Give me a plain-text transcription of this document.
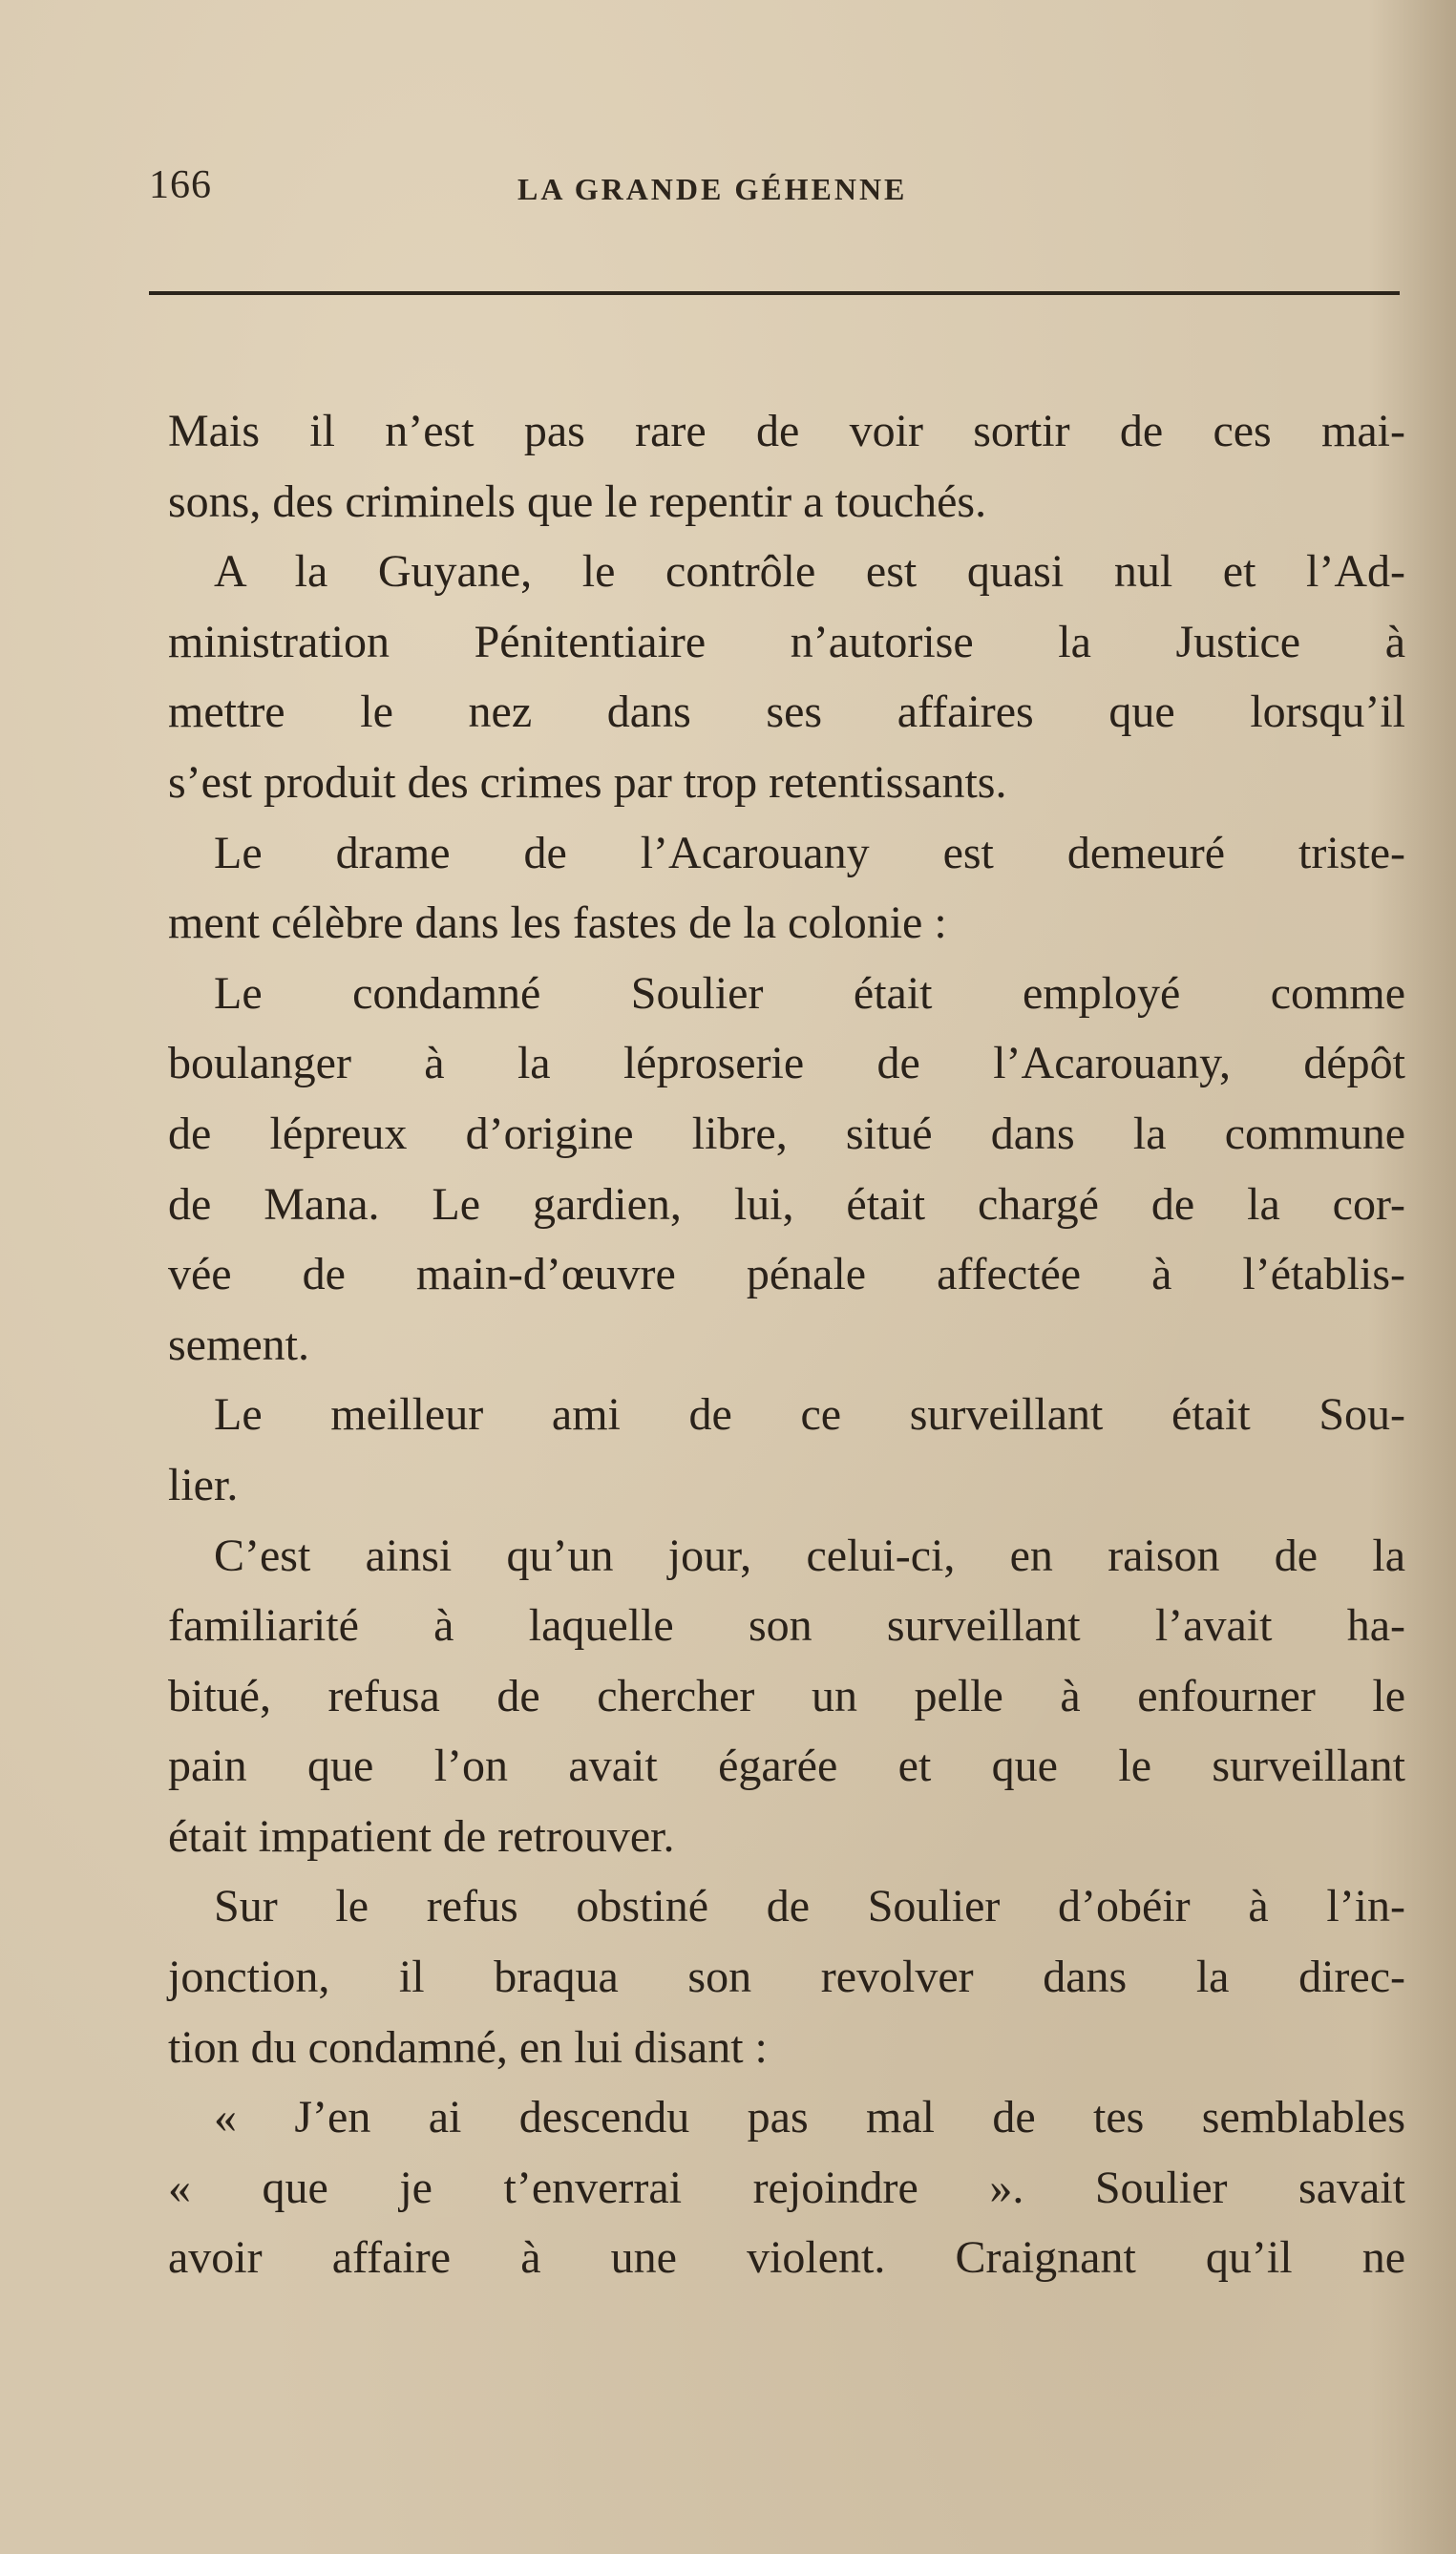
166	LA GRANDE GÉHENNE
Mais il n’est pas rare de voir sortir de ces mai-
sons, des criminels que le repentir a touchés.
A la Guyane, le contrôle est quasi nul et l’Ad-
ministration Pénitentiaire n’autorise la Justice à
mettre le nez dans ses affaires que lorsqu’il
s’est produit des crimes par trop retentissants.
Le drame de l’Acarouany est demeuré triste-
ment célèbre dans les fastes de la colonie :
Le condamné Soulier était employé comme
boulanger à la léproserie de l’Acarouany, dépôt
de lépreux d’origine libre, situé dans la commune
de Mana. Le gardien, lui, était chargé de la cor-
vée de main-d’œuvre pénale affectée à l’établis-
sement.
Le meilleur ami de ce surveillant était Sou-
lier.
C’est ainsi qu’un jour, celui-ci, en raison de la
familiarité à laquelle son surveillant l’avait ha-
bitué, refusa de chercher un pelle à enfourner le
pain que l’on avait égarée et que le surveillant
était impatient de retrouver.
Sur le refus obstiné de Soulier d’obéir à l’in-
jonction, il braqua son revolver dans la direc-
tion du condamné, en lui disant :
« J’en ai descendu pas mal de tes semblables
« que je t’enverrai rejoindre ». Soulier savait
avoir affaire à une violent. Craignant qu’il ne
